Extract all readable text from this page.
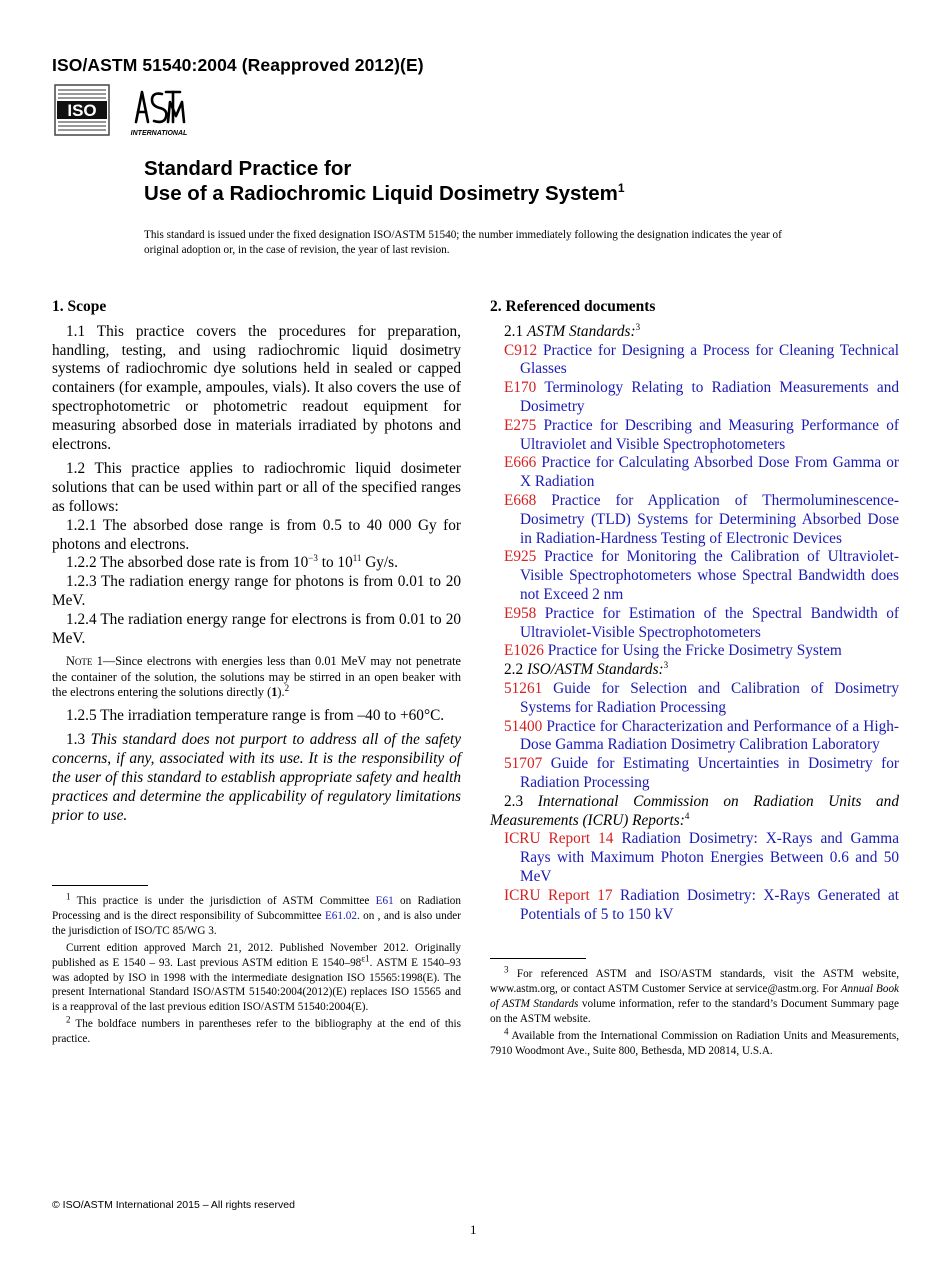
ISO/ASTM 51540:2004 (Reapproved 2012)(E)
ISO
INTERNATIONAL
Standard Practice for
Use of a Radiochromic Liquid Dosimetry System$^1$
This standard is issued under the fixed designation ISO/ASTM 51540; the number immediately following the designation indicates the year of original adoption or, in the case of revision, the year of last revision.
1. Scope

1.1 This practice covers the procedures for preparation, handling, testing, and using radiochromic liquid dosimetry systems of radiochromic dye solutions held in sealed or capped containers (for example, ampoules, vials). It also covers the use of spectrophotometric or photometric readout equipment for measuring absorbed dose in materials irradiated by photons and electrons.

1.2 This practice applies to radiochromic liquid dosimeter solutions that can be used within part or all of the specified ranges as follows:

1.2.1 The absorbed dose range is from 0.5 to 40 000 Gy for photons and electrons.

1.2.2 The absorbed dose rate is from $10^{-3}$ to $10^{11}$ Gy/s.

1.2.3 The radiation energy range for photons is from 0.01 to 20 MeV.

1.2.4 The radiation energy range for electrons is from 0.01 to 20 MeV.

Note 1—Since electrons with energies less than 0.01 MeV may not penetrate the container of the solution, the solutions may be stirred in an open beaker with the electrons entering the solutions directly (1).$^2$

1.2.5 The irradiation temperature range is from –40 to +60°C.

1.3 This standard does not purport to address all of the safety concerns, if any, associated with its use. It is the responsibility of the user of this standard to establish appropriate safety and health practices and determine the applicability of regulatory limitations prior to use.

2. Referenced documents

2.1 ASTM Standards:$^3$

C912 Practice for Designing a Process for Cleaning Technical Glasses

E170 Terminology Relating to Radiation Measurements and Dosimetry

E275 Practice for Describing and Measuring Performance of Ultraviolet and Visible Spectrophotometers

E666 Practice for Calculating Absorbed Dose From Gamma or X Radiation

E668 Practice for Application of Thermoluminescence-Dosimetry (TLD) Systems for Determining Absorbed Dose in Radiation-Hardness Testing of Electronic Devices

E925 Practice for Monitoring the Calibration of Ultraviolet-Visible Spectrophotometers whose Spectral Bandwidth does not Exceed 2 nm

E958 Practice for Estimation of the Spectral Bandwidth of Ultraviolet-Visible Spectrophotometers

E1026 Practice for Using the Fricke Dosimetry System

2.2 ISO/ASTM Standards:$^3$

51261 Guide for Selection and Calibration of Dosimetry Systems for Radiation Processing

51400 Practice for Characterization and Performance of a High-Dose Gamma Radiation Dosimetry Calibration Laboratory

51707 Guide for Estimating Uncertainties in Dosimetry for Radiation Processing

2.3 International Commission on Radiation Units and Measurements (ICRU) Reports:$^4$

ICRU Report 14 Radiation Dosimetry: X-Rays and Gamma Rays with Maximum Photon Energies Between 0.6 and 50 MeV

ICRU Report 17 Radiation Dosimetry: X-Rays Generated at Potentials of 5 to 150 kV

$^1$ This practice is under the jurisdiction of ASTM Committee E61 on Radiation Processing and is the direct responsibility of Subcommittee E61.02. on , and is also under the jurisdiction of ISO/TC 85/WG 3.

Current edition approved March 21, 2012. Published November 2012. Originally published as E 1540 – 93. Last previous ASTM edition E $1540-98^{\varepsilon 1}$. ASTM E 1540–93 was adopted by ISO in 1998 with the intermediate designation ISO 15565:1998(E). The present International Standard ISO/ASTM 51540:2004(2012)(E) replaces ISO 15565 and is a reapproval of the last previous edition ISO/ASTM 51540:2004(E).

$^2$ The boldface numbers in parentheses refer to the bibliography at the end of this practice.

$^3$ For referenced ASTM and ISO/ASTM standards, visit the ASTM website, www.astm.org, or contact ASTM Customer Service at service@astm.org. For Annual Book of ASTM Standards volume information, refer to the standard’s Document Summary page on the ASTM website.

$^4$ Available from the International Commission on Radiation Units and Measurements, 7910 Woodmont Ave., Suite 800, Bethesda, MD 20814, U.S.A.

© ISO/ASTM International 2015 – All rights reserved
1
